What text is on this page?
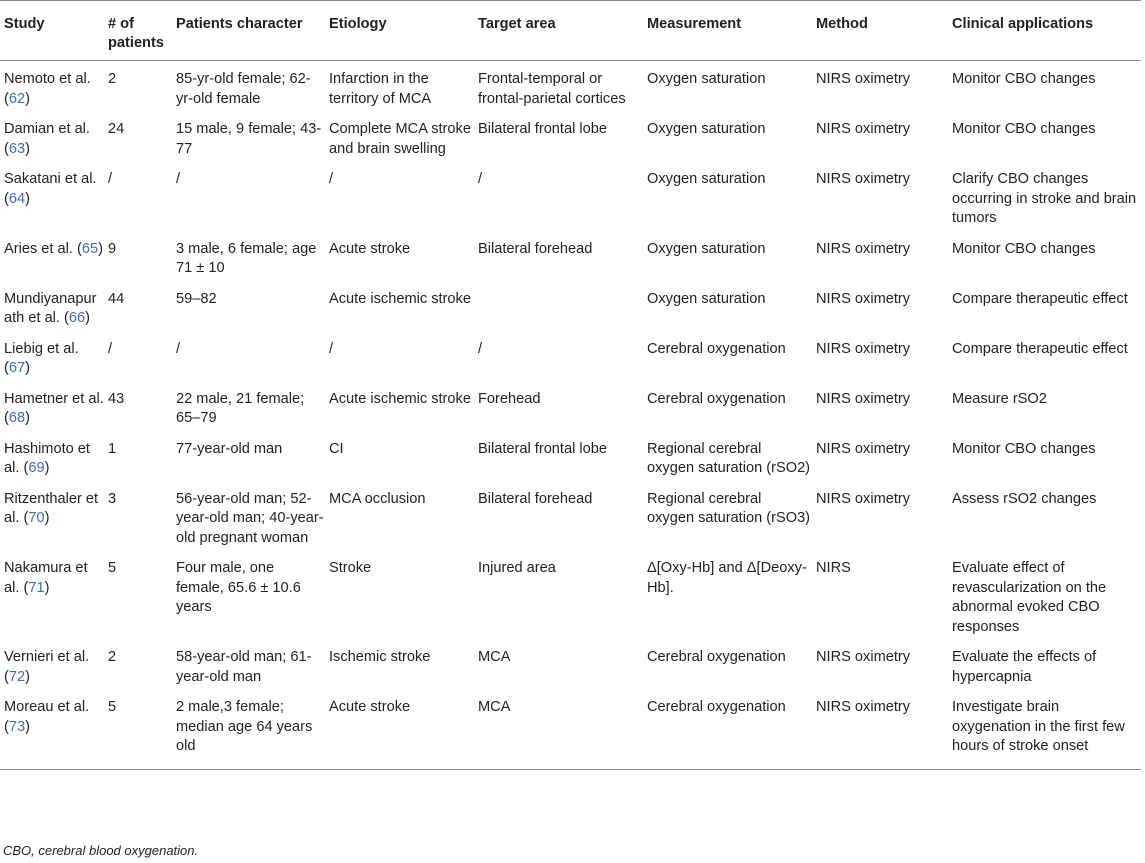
Study	# of patients	Patients character	Etiology	Target area	Measurement	Method	Clinical applications
Nemoto et al. (62)	2	85-yr-old female; 62-yr-old female	Infarction in the territory of MCA	Frontal-temporal or frontal-parietal cortices	Oxygen saturation	NIRS oximetry	Monitor CBO changes
Damian et al. (63)	24	15 male, 9 female; 43-77	Complete MCA stroke and brain swelling	Bilateral frontal lobe	Oxygen saturation	NIRS oximetry	Monitor CBO changes
Sakatani et al. (64)	/	/	/	/	Oxygen saturation	NIRS oximetry	Clarify CBO changes occurring in stroke and brain tumors
Aries et al. (65)	9	3 male, 6 female; age 71 ± 10	Acute stroke	Bilateral forehead	Oxygen saturation	NIRS oximetry	Monitor CBO changes
Mundiyanapurath et al. (66)	44	59–82	Acute ischemic stroke		Oxygen saturation	NIRS oximetry	Compare therapeutic effect
Liebig et al. (67)	/	/	/	/	Cerebral oxygenation	NIRS oximetry	Compare therapeutic effect
Hametner et al. (68)	43	22 male, 21 female; 65–79	Acute ischemic stroke	Forehead	Cerebral oxygenation	NIRS oximetry	Measure rSO2
Hashimoto et al. (69)	1	77-year-old man	CI	Bilateral frontal lobe	Regional cerebral oxygen saturation (rSO2)	NIRS oximetry	Monitor CBO changes
Ritzenthaler et al. (70)	3	56-year-old man; 52-year-old man; 40-year-old pregnant woman	MCA occlusion	Bilateral forehead	Regional cerebral oxygen saturation (rSO3)	NIRS oximetry	Assess rSO2 changes
Nakamura et al. (71)	5	Four male, one female, 65.6 ± 10.6 years	Stroke	Injured area	Δ[Oxy-Hb] and Δ[Deoxy-Hb].	NIRS	Evaluate effect of revascularization on the abnormal evoked CBO responses
Vernieri et al. (72)	2	58-year-old man; 61-year-old man	Ischemic stroke	MCA	Cerebral oxygenation	NIRS oximetry	Evaluate the effects of hypercapnia
Moreau et al. (73)	5	2 male,3 female; median age 64 years old	Acute stroke	MCA	Cerebral oxygenation	NIRS oximetry	Investigate brain oxygenation in the first few hours of stroke onset
CBO, cerebral blood oxygenation.
